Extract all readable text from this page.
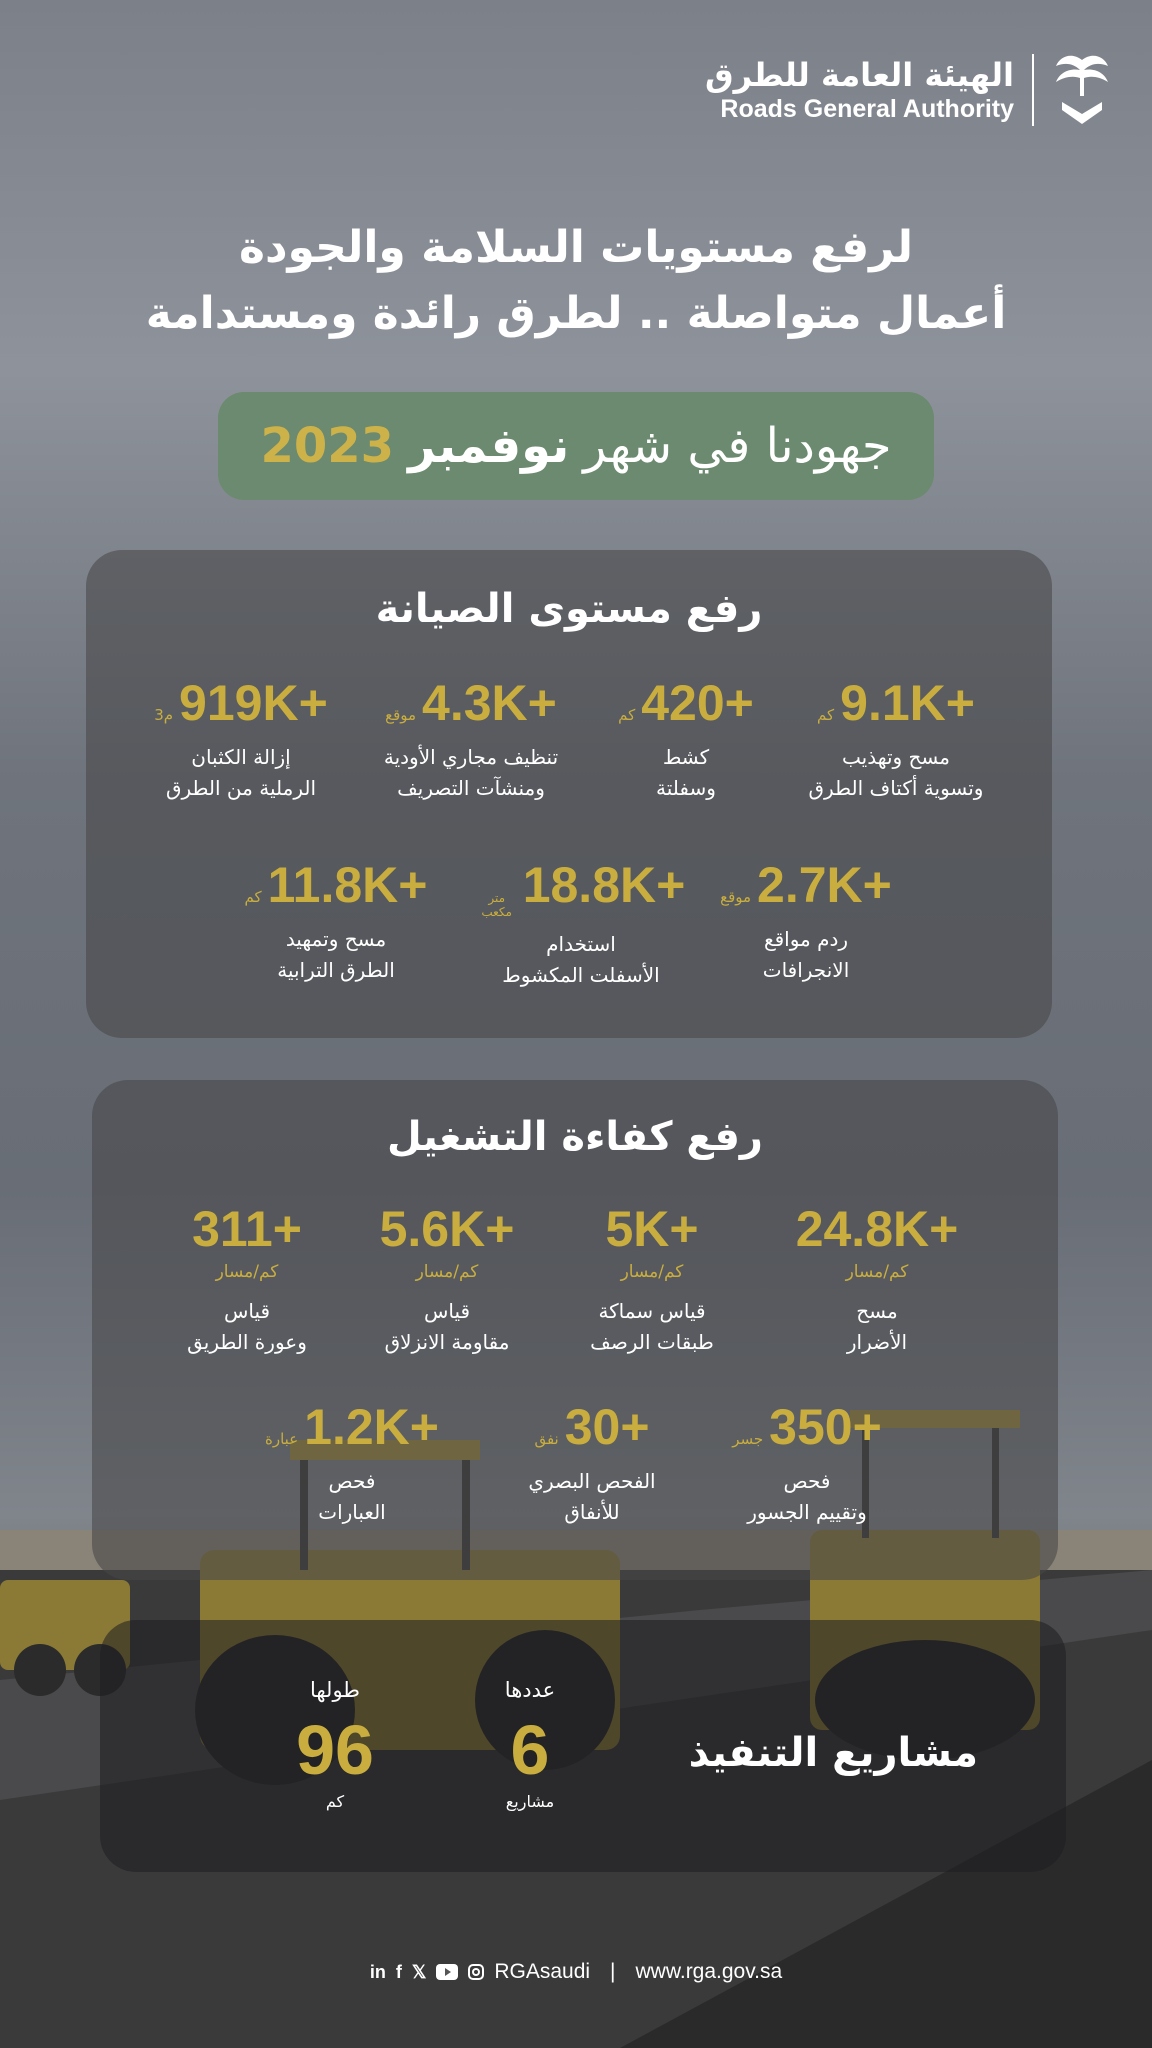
الهيئة العامة للطرق
Roads General Authority
لرفع مستويات السلامة والجودة
أعمال متواصلة .. لطرق رائدة ومستدامة
جهودنا في شهر
نوفمبر
2023
رفع مستوى الصيانة
كم 9.1K+
مسح وتهذيب
وتسوية أكتاف الطرق
كم 420+
كشط
وسفلتة
موقع 4.3K+
تنظيف مجاري الأودية
ومنشآت التصريف
م3 919K+
إزالة الكثبان
الرملية من الطرق
موقع 2.7K+
ردم مواقع
الانجرافات
متر مكعب 18.8K+
استخدام
الأسفلت المكشوط
كم 11.8K+
مسح وتمهيد
الطرق الترابية
رفع كفاءة التشغيل
24.8K+
كم/مسار
مسح
الأضرار
5K+
كم/مسار
قياس سماكة
طبقات الرصف
5.6K+
كم/مسار
قياس
مقاومة الانزلاق
311+
كم/مسار
قياس
وعورة الطريق
جسر 350+
فحص
وتقييم الجسور
نفق 30+
الفحص البصري
للأنفاق
عبارة 1.2K+
فحص
العبارات
مشاريع التنفيذ
عددها
6
مشاريع
طولها
96
كم
in f 𝕏	RGAsaudi | www.rga.gov.sa
